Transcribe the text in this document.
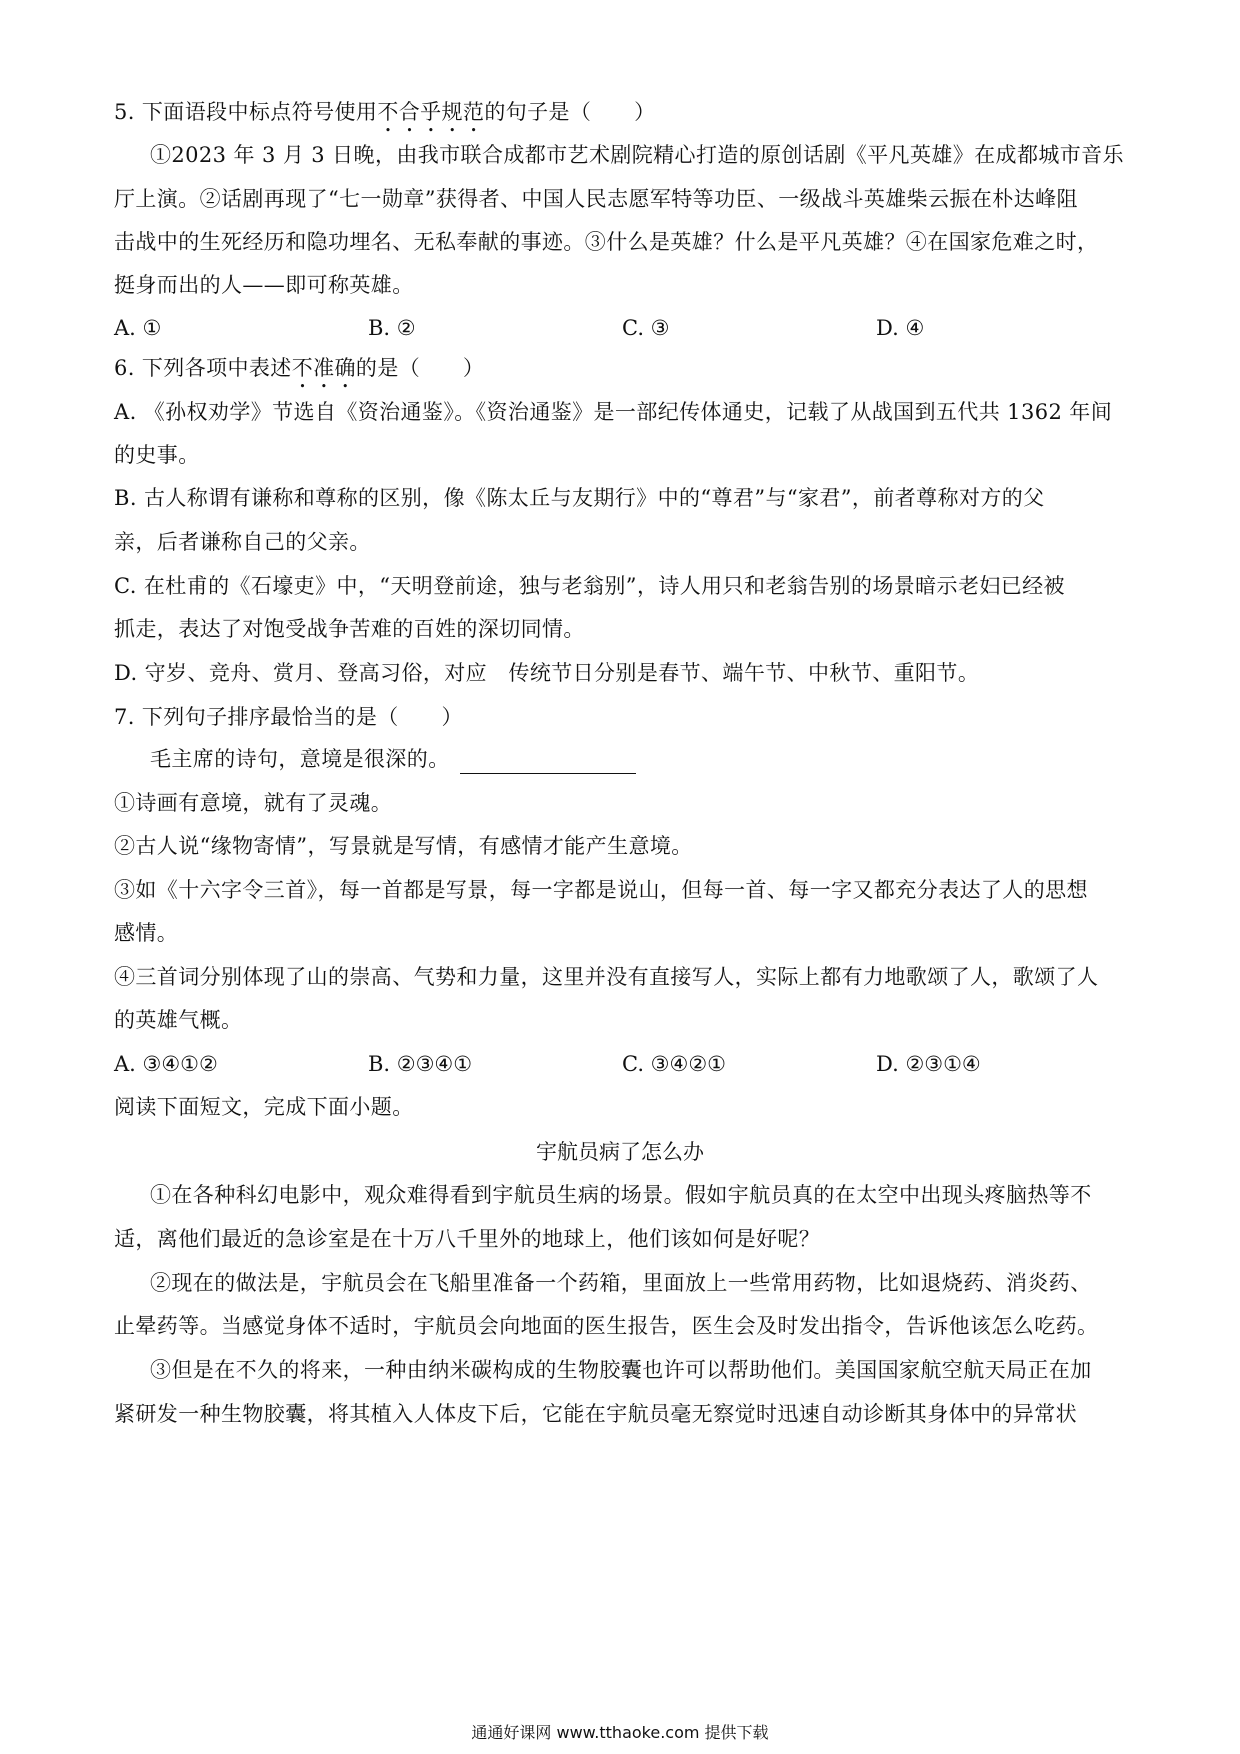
5. 下面语段中标点符号使用不合乎规范的句子是（　　）
①2023 年 3 月 3 日晚，由我市联合成都市艺术剧院精心打造的原创话剧《平凡英雄》在成都城市音乐
厅上演。②话剧再现了“七一勋章”获得者、中国人民志愿军特等功臣、一级战斗英雄柴云振在朴达峰阻
击战中的生死经历和隐功埋名、无私奉献的事迹。③什么是英雄？什么是平凡英雄？④在国家危难之时，
挺身而出的人——即可称英雄。
A. ①	B. ②	C. ③	D. ④
6. 下列各项中表述不准确的是（　　）
A. 《孙权劝学》节选自《资治通鉴》。《资治通鉴》是一部纪传体通史，记载了从战国到五代共 1362 年间
的史事。
B. 古人称谓有谦称和尊称的区别，像《陈太丘与友期行》中的“尊君”与“家君”，前者尊称对方的父
亲，后者谦称自己的父亲。
C. 在杜甫的《石壕吏》中，“天明登前途，独与老翁别”，诗人用只和老翁告别的场景暗示老妇已经被
抓走，表达了对饱受战争苦难的百姓的深切同情。
D. 守岁、竞舟、赏月、登高习俗，对应　传统节日分别是春节、端午节、中秋节、重阳节。
7. 下列句子排序最恰当的是（　　）
毛主席的诗句，意境是很深的。
①诗画有意境，就有了灵魂。
②古人说“缘物寄情”，写景就是写情，有感情才能产生意境。
③如《十六字令三首》，每一首都是写景，每一字都是说山，但每一首、每一字又都充分表达了人的思想
感情。
④三首词分别体现了山的崇高、气势和力量，这里并没有直接写人，实际上都有力地歌颂了人，歌颂了人
的英雄气概。
A. ③④①②	B. ②③④①	C. ③④②①	D. ②③①④
阅读下面短文，完成下面小题。
宇航员病了怎么办
①在各种科幻电影中，观众难得看到宇航员生病的场景。假如宇航员真的在太空中出现头疼脑热等不
适，离他们最近的急诊室是在十万八千里外的地球上，他们该如何是好呢？
②现在的做法是，宇航员会在飞船里准备一个药箱，里面放上一些常用药物，比如退烧药、消炎药、
止晕药等。当感觉身体不适时，宇航员会向地面的医生报告，医生会及时发出指令，告诉他该怎么吃药。
③但是在不久的将来，一种由纳米碳构成的生物胶囊也许可以帮助他们。美国国家航空航天局正在加
紧研发一种生物胶囊，将其植入人体皮下后，它能在宇航员毫无察觉时迅速自动诊断其身体中的异常状
通通好课网 www.tthaoke.com 提供下载
